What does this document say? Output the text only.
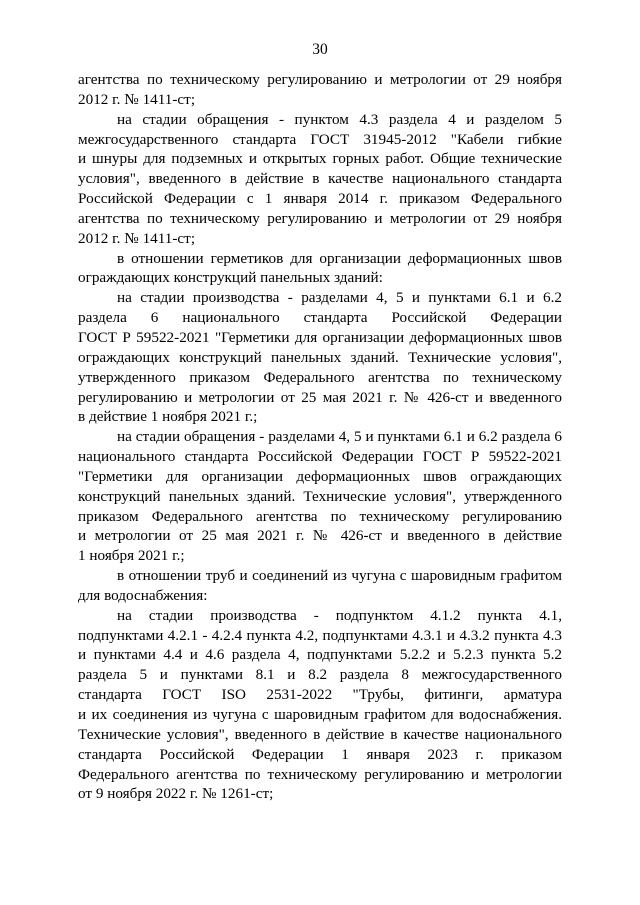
30
агентства по техническому регулированию и метрологии от 29 ноября
2012 г. № 1411-ст;
на стадии обращения - пунктом 4.3 раздела 4 и разделом 5
межгосударственного стандарта ГОСТ 31945-2012 "Кабели гибкие
и шнуры для подземных и открытых горных работ. Общие технические
условия", введенного в действие в качестве национального стандарта
Российской Федерации с 1 января 2014 г. приказом Федерального
агентства по техническому регулированию и метрологии от 29 ноября
2012 г. № 1411-ст;
в отношении герметиков для организации деформационных швов
ограждающих конструкций панельных зданий:
на стадии производства - разделами 4, 5 и пунктами 6.1 и 6.2
раздела 6 национального стандарта Российской Федерации
ГОСТ Р 59522-2021 "Герметики для организации деформационных швов
ограждающих конструкций панельных зданий. Технические условия",
утвержденного приказом Федерального агентства по техническому
регулированию и метрологии от 25 мая 2021 г. № 426-ст и введенного
в действие 1 ноября 2021 г.;
на стадии обращения - разделами 4, 5 и пунктами 6.1 и 6.2 раздела 6
национального стандарта Российской Федерации ГОСТ Р 59522-2021
"Герметики для организации деформационных швов ограждающих
конструкций панельных зданий. Технические условия", утвержденного
приказом Федерального агентства по техническому регулированию
и метрологии от 25 мая 2021 г. № 426-ст и введенного в действие
1 ноября 2021 г.;
в отношении труб и соединений из чугуна с шаровидным графитом
для водоснабжения:
на стадии производства - подпунктом 4.1.2 пункта 4.1,
подпунктами 4.2.1 - 4.2.4 пункта 4.2, подпунктами 4.3.1 и 4.3.2 пункта 4.3
и пунктами 4.4 и 4.6 раздела 4, подпунктами 5.2.2 и 5.2.3 пункта 5.2
раздела 5 и пунктами 8.1 и 8.2 раздела 8 межгосударственного
стандарта ГОСТ ISO 2531-2022 "Трубы, фитинги, арматура
и их соединения из чугуна с шаровидным графитом для водоснабжения.
Технические условия", введенного в действие в качестве национального
стандарта Российской Федерации 1 января 2023 г. приказом
Федерального агентства по техническому регулированию и метрологии
от 9 ноября 2022 г. № 1261-ст;
